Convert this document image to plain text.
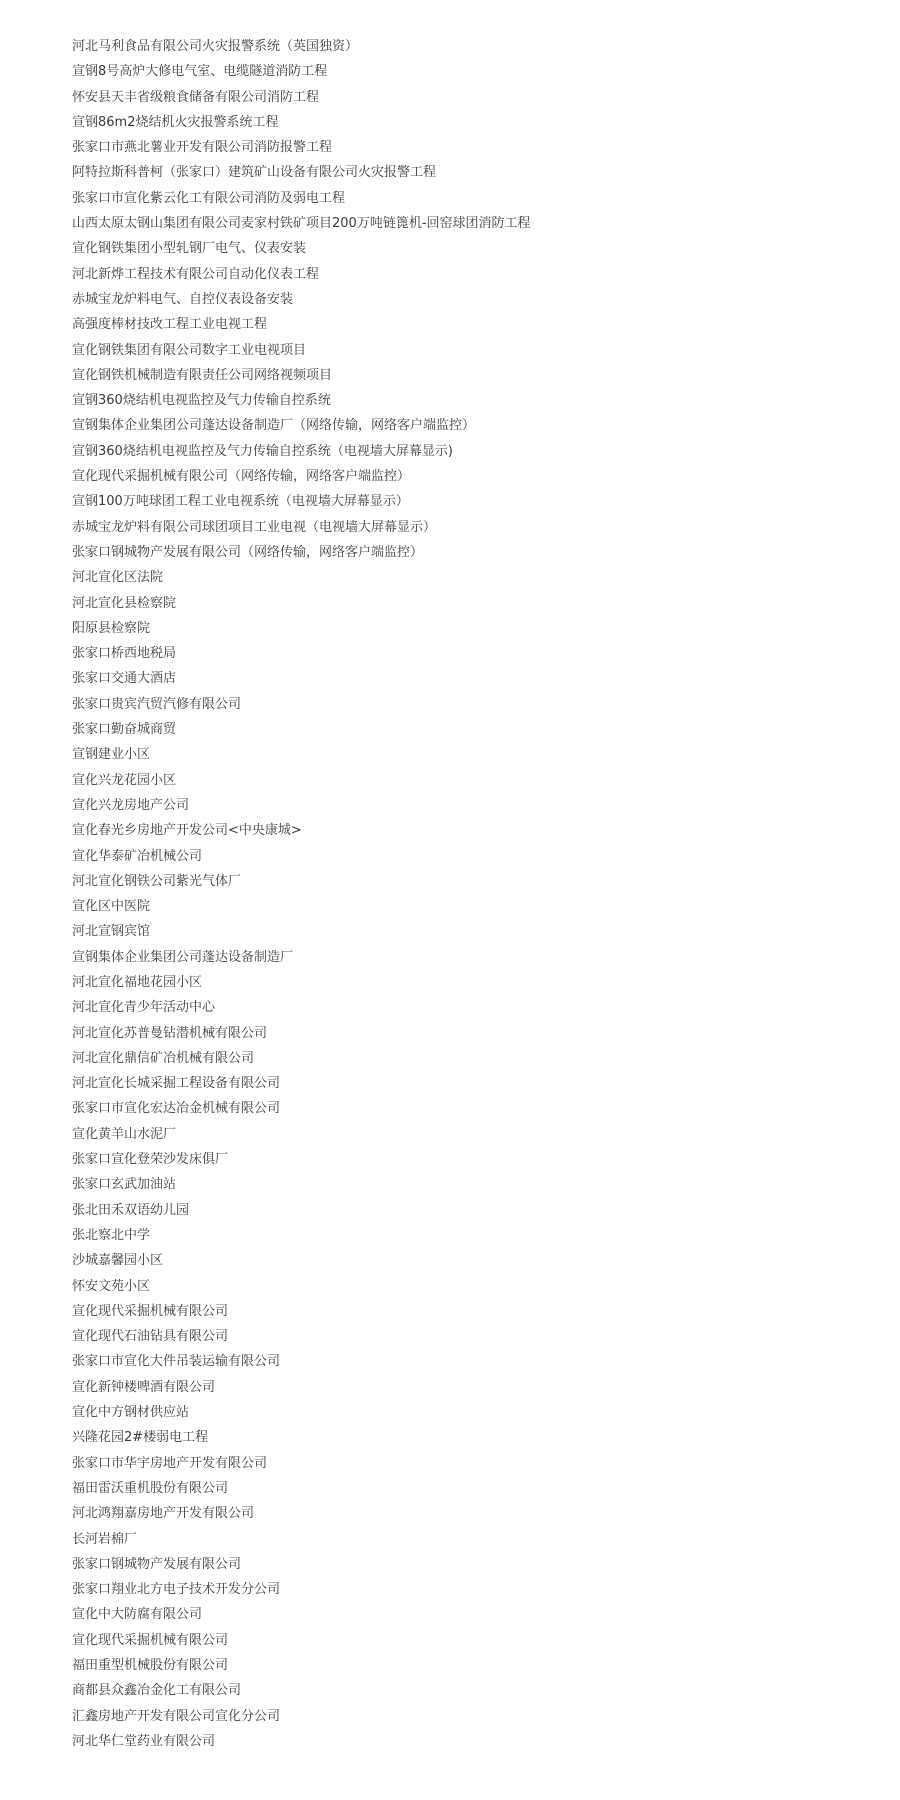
河北马利食品有限公司火灾报警系统（英国独资）
宣钢8号高炉大修电气室、电缆隧道消防工程
怀安县天丰省级粮食储备有限公司消防工程
宣钢86m2烧结机火灾报警系统工程
张家口市燕北薯业开发有限公司消防报警工程
阿特拉斯科普柯（张家口）建筑矿山设备有限公司火灾报警工程
张家口市宣化紫云化工有限公司消防及弱电工程
山西太原太钢山集团有限公司麦家村铁矿项目200万吨链篦机-回窑球团消防工程
宣化钢铁集团小型轧钢厂电气、仪表安装
河北新烨工程技术有限公司自动化仪表工程
赤城宝龙炉料电气、自控仪表设备安装
高强度棒材技改工程工业电视工程
宣化钢铁集团有限公司数字工业电视项目
宣化钢铁机械制造有限责任公司网络视频项目
宣钢360烧结机电视监控及气力传输自控系统
宣钢集体企业集团公司蓬达设备制造厂（网络传输，网络客户端监控）
宣钢360烧结机电视监控及气力传输自控系统（电视墙大屏幕显示)
宣化现代采掘机械有限公司（网络传输，网络客户端监控）
宣钢100万吨球团工程工业电视系统（电视墙大屏幕显示）
赤城宝龙炉料有限公司球团项目工业电视（电视墙大屏幕显示）
张家口钢城物产发展有限公司（网络传输，网络客户端监控）
河北宣化区法院
河北宣化县检察院
阳原县检察院
张家口桥西地税局
张家口交通大酒店
张家口贵宾汽贸汽修有限公司
张家口勤奋城商贸
宣钢建业小区
宣化兴龙花园小区
宣化兴龙房地产公司
宣化春光乡房地产开发公司<中央康城>
宣化华泰矿冶机械公司
河北宣化钢铁公司紫光气体厂
宣化区中医院
河北宣钢宾馆
宣钢集体企业集团公司蓬达设备制造厂
河北宣化福地花园小区
河北宣化青少年活动中心
河北宣化苏普曼钻潜机械有限公司
河北宣化鼎信矿冶机械有限公司
河北宣化长城采掘工程设备有限公司
张家口市宣化宏达冶金机械有限公司
宣化黄羊山水泥厂
张家口宣化登荣沙发床俱厂
张家口玄武加油站
张北田禾双语幼儿园
张北察北中学
沙城嘉馨园小区
怀安文苑小区
宣化现代采掘机械有限公司
宣化现代石油钻具有限公司
张家口市宣化大件吊装运输有限公司
宣化新钟楼啤酒有限公司
宣化中方钢材供应站
兴隆花园2#楼弱电工程
张家口市华宇房地产开发有限公司
福田雷沃重机股份有限公司
河北鸿翔嘉房地产开发有限公司
长河岩棉厂
张家口钢城物产发展有限公司
张家口翔业北方电子技术开发分公司
宣化中大防腐有限公司
宣化现代采掘机械有限公司
福田重型机械股份有限公司
商都县众鑫冶金化工有限公司
汇鑫房地产开发有限公司宣化分公司
河北华仁堂药业有限公司
